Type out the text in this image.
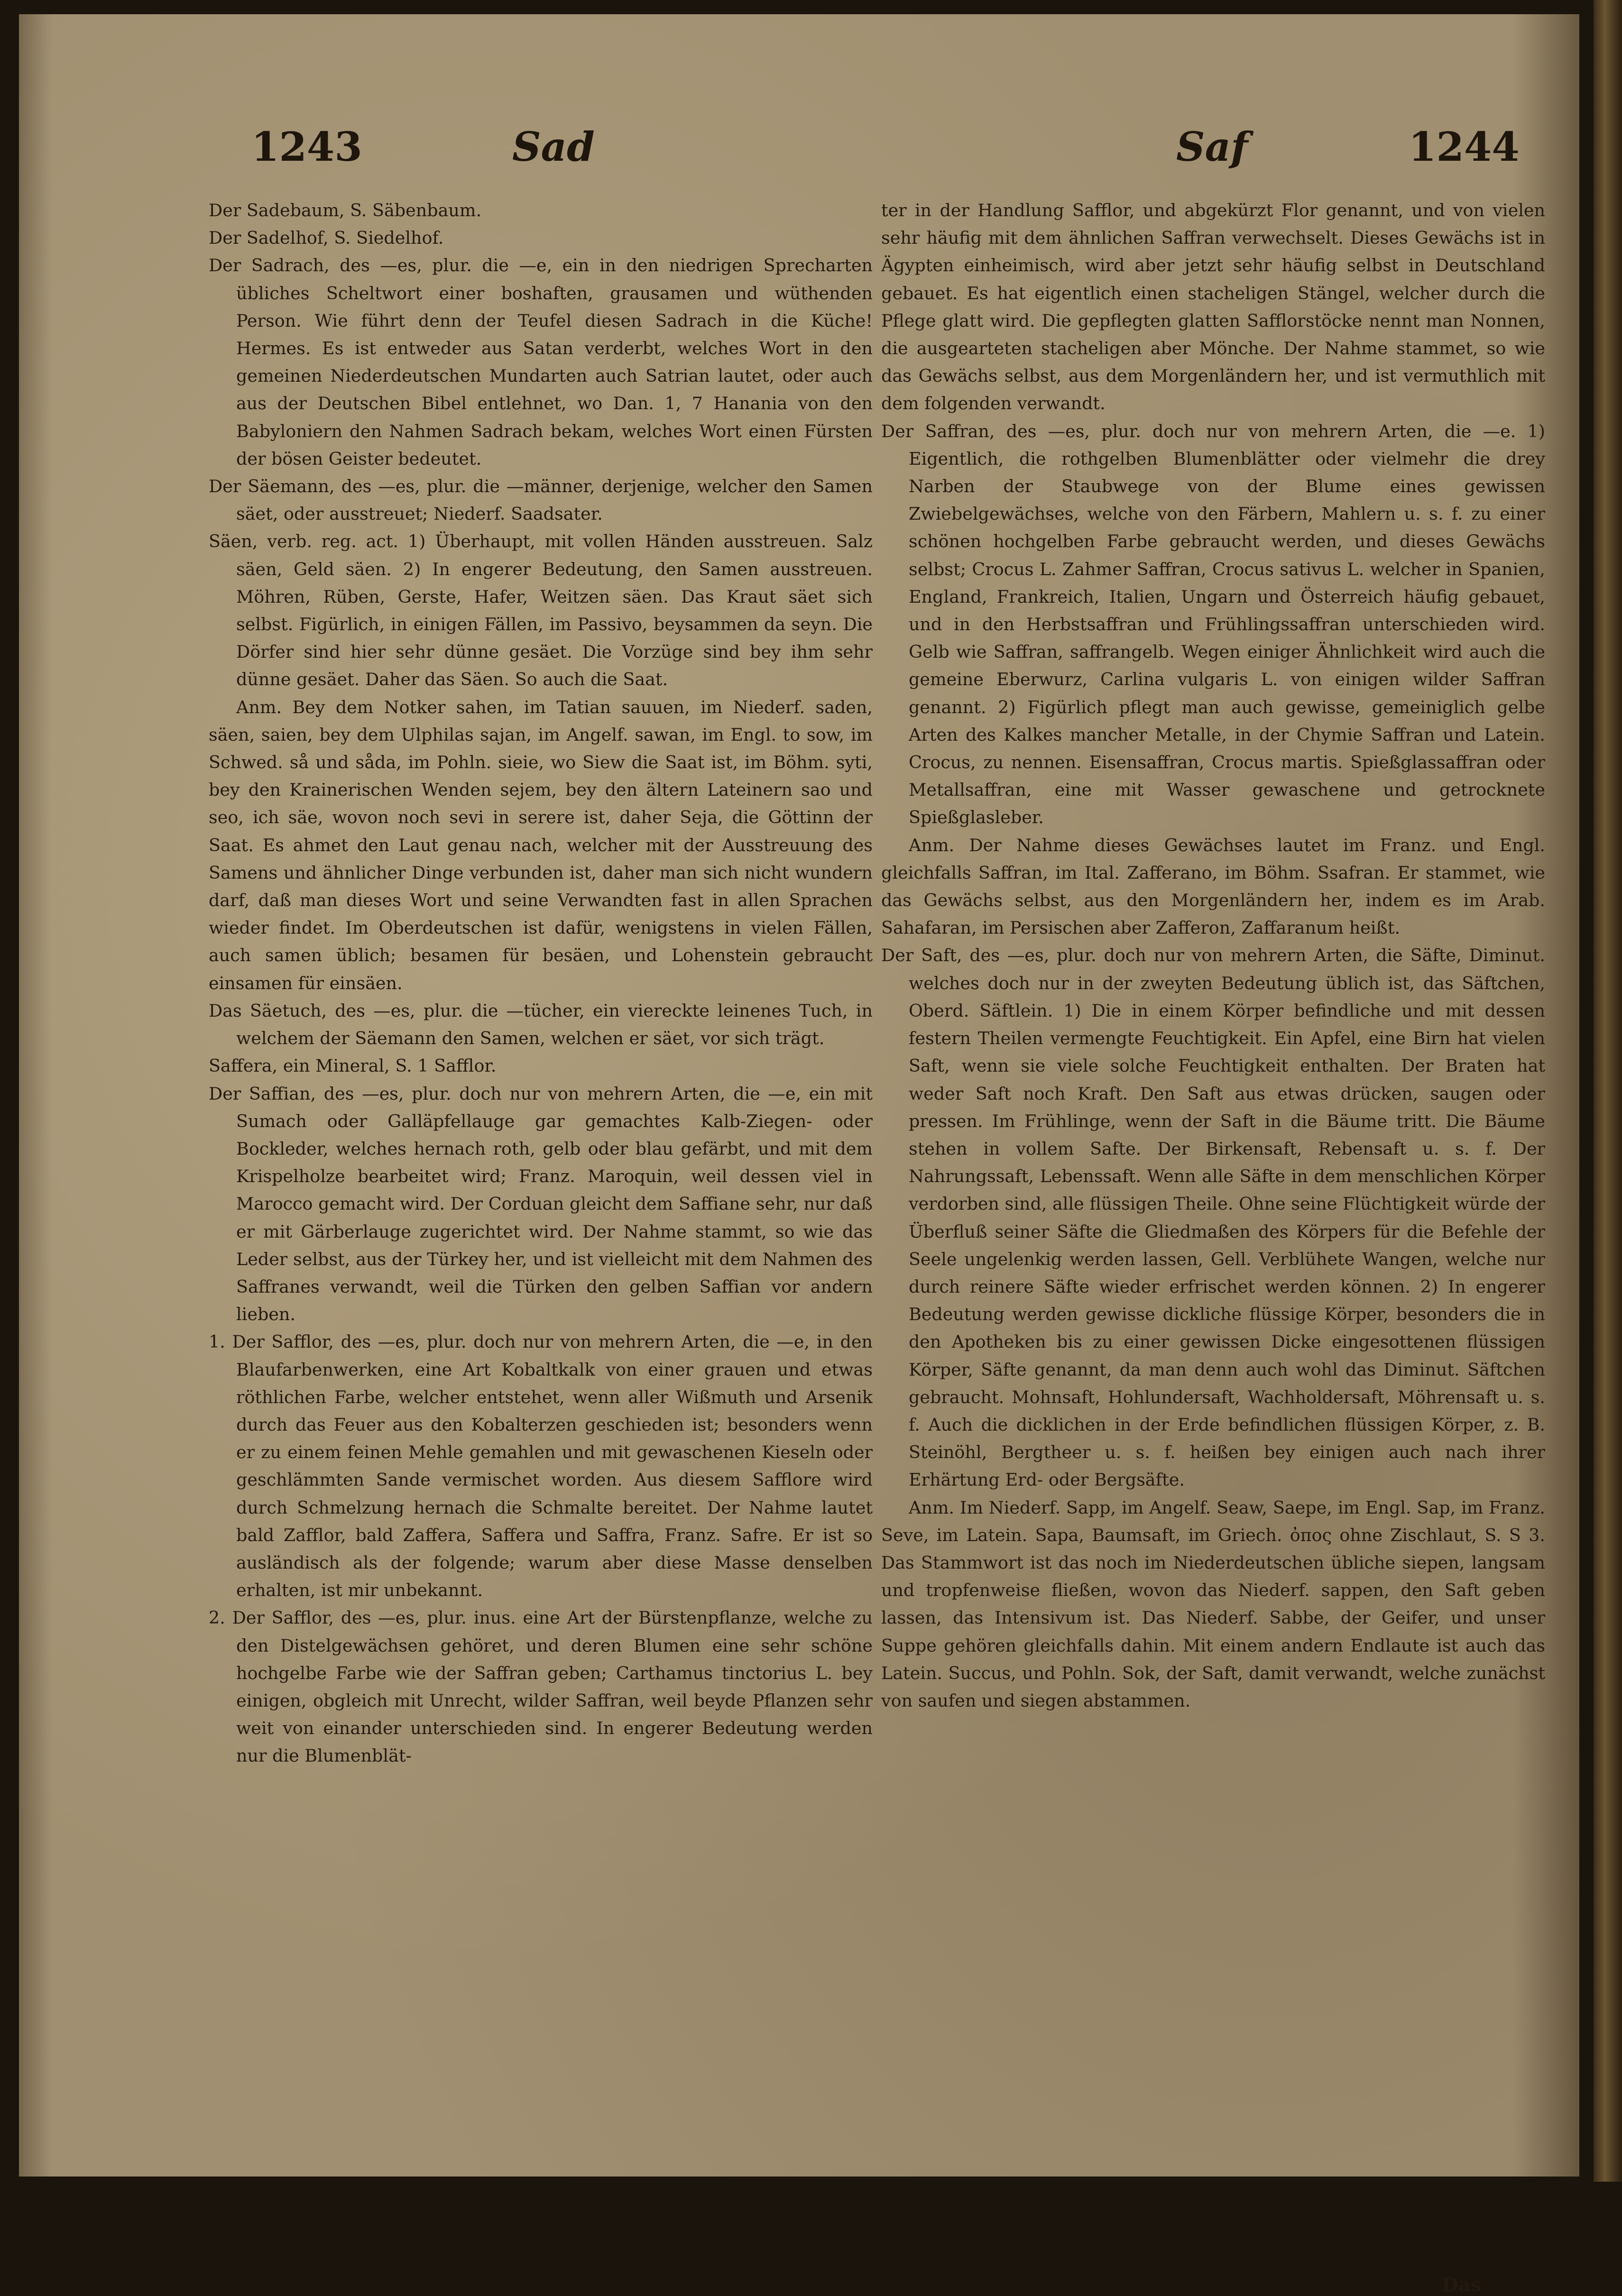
1243	Sad	Saf	1244

Der Sadebaum, S. Säbenbaum.

Der Sadelhof, S. Siedelhof.

Der Sadrach, des —es, plur. die —e, ein in den niedrigen Sprecharten übliches Scheltwort einer boshaften, grausamen und wüthenden Person. Wie führt denn der Teufel diesen Sadrach in die Küche! Hermes. Es ist entweder aus Satan verderbt, welches Wort in den gemeinen Niederdeutschen Mundarten auch Satrian lautet, oder auch aus der Deutschen Bibel entlehnet, wo Dan. 1, 7 Hanania von den Babyloniern den Nahmen Sadrach bekam, welches Wort einen Fürsten der bösen Geister bedeutet.

Der Säemann, des —es, plur. die —männer, derjenige, welcher den Samen säet, oder ausstreuet; Niederf. Saadsater.

Säen, verb. reg. act. 1) Überhaupt, mit vollen Händen ausstreuen. Salz säen, Geld säen. 2) In engerer Bedeutung, den Samen ausstreuen. Möhren, Rüben, Gerste, Hafer, Weitzen säen. Das Kraut säet sich selbst. Figürlich, in einigen Fällen, im Passivo, beysammen da seyn. Die Dörfer sind hier sehr dünne gesäet. Die Vorzüge sind bey ihm sehr dünne gesäet. Daher das Säen. So auch die Saat.

Anm. Bey dem Notker sahen, im Tatian sauuen, im Niederf. saden, säen, saien, bey dem Ulphilas sajan, im Angelf. sawan, im Engl. to sow, im Schwed. så und såda, im Pohln. sieie, wo Siew die Saat ist, im Böhm. syti, bey den Krainerischen Wenden sejem, bey den ältern Lateinern sao und seo, ich säe, wovon noch sevi in serere ist, daher Seja, die Göttinn der Saat. Es ahmet den Laut genau nach, welcher mit der Ausstreuung des Samens und ähnlicher Dinge verbunden ist, daher man sich nicht wundern darf, daß man dieses Wort und seine Verwandten fast in allen Sprachen wieder findet. Im Oberdeutschen ist dafür, wenigstens in vielen Fällen, auch samen üblich; besamen für besäen, und Lohenstein gebraucht einsamen für einsäen.

Das Säetuch, des —es, plur. die —tücher, ein viereckte leinenes Tuch, in welchem der Säemann den Samen, welchen er säet, vor sich trägt.

Saffera, ein Mineral, S. 1 Safflor.

Der Saffian, des —es, plur. doch nur von mehrern Arten, die —e, ein mit Sumach oder Galläpfellauge gar gemachtes Kalb-Ziegen- oder Bockleder, welches hernach roth, gelb oder blau gefärbt, und mit dem Krispelholze bearbeitet wird; Franz. Maroquin, weil dessen viel in Marocco gemacht wird. Der Corduan gleicht dem Saffiane sehr, nur daß er mit Gärberlauge zugerichtet wird. Der Nahme stammt, so wie das Leder selbst, aus der Türkey her, und ist vielleicht mit dem Nahmen des Saffranes verwandt, weil die Türken den gelben Saffian vor andern lieben.

1. Der Safflor, des —es, plur. doch nur von mehrern Arten, die —e, in den Blaufarbenwerken, eine Art Kobaltkalk von einer grauen und etwas röthlichen Farbe, welcher entstehet, wenn aller Wißmuth und Arsenik durch das Feuer aus den Kobalterzen geschieden ist; besonders wenn er zu einem feinen Mehle gemahlen und mit gewaschenen Kieseln oder geschlämmten Sande vermischet worden. Aus diesem Safflore wird durch Schmelzung hernach die Schmalte bereitet. Der Nahme lautet bald Zafflor, bald Zaffera, Saffera und Saffra, Franz. Safre. Er ist so ausländisch als der folgende; warum aber diese Masse denselben erhalten, ist mir unbekannt.

2. Der Safflor, des —es, plur. inus. eine Art der Bürstenpflanze, welche zu den Distelgewächsen gehöret, und deren Blumen eine sehr schöne hochgelbe Farbe wie der Saffran geben; Carthamus tinctorius L. bey einigen, obgleich mit Unrecht, wilder Saffran, weil beyde Pflanzen sehr weit von einander unterschieden sind. In engerer Bedeutung werden nur die Blumenblät-

ter in der Handlung Safflor, und abgekürzt Flor genannt, und von vielen sehr häufig mit dem ähnlichen Saffran verwechselt. Dieses Gewächs ist in Ägypten einheimisch, wird aber jetzt sehr häufig selbst in Deutschland gebauet. Es hat eigentlich einen stacheligen Stängel, welcher durch die Pflege glatt wird. Die gepflegten glatten Safflorstöcke nennt man Nonnen, die ausgearteten stacheligen aber Mönche. Der Nahme stammet, so wie das Gewächs selbst, aus dem Morgenländern her, und ist vermuthlich mit dem folgenden verwandt.

Der Saffran, des —es, plur. doch nur von mehrern Arten, die —e. 1) Eigentlich, die rothgelben Blumenblätter oder vielmehr die drey Narben der Staubwege von der Blume eines gewissen Zwiebelgewächses, welche von den Färbern, Mahlern u. s. f. zu einer schönen hochgelben Farbe gebraucht werden, und dieses Gewächs selbst; Crocus L. Zahmer Saffran, Crocus sativus L. welcher in Spanien, England, Frankreich, Italien, Ungarn und Österreich häufig gebauet, und in den Herbstsaffran und Frühlingssaffran unterschieden wird. Gelb wie Saffran, saffrangelb. Wegen einiger Ähnlichkeit wird auch die gemeine Eberwurz, Carlina vulgaris L. von einigen wilder Saffran genannt. 2) Figürlich pflegt man auch gewisse, gemeiniglich gelbe Arten des Kalkes mancher Metalle, in der Chymie Saffran und Latein. Crocus, zu nennen. Eisensaffran, Crocus martis. Spießglassaffran oder Metallsaffran, eine mit Wasser gewaschene und getrocknete Spießglasleber.

Anm. Der Nahme dieses Gewächses lautet im Franz. und Engl. gleichfalls Saffran, im Ital. Zafferano, im Böhm. Ssafran. Er stammet, wie das Gewächs selbst, aus den Morgenländern her, indem es im Arab. Sahafaran, im Persischen aber Zafferon, Zaffaranum heißt.

Der Saft, des —es, plur. doch nur von mehrern Arten, die Säfte, Diminut. welches doch nur in der zweyten Bedeutung üblich ist, das Säftchen, Oberd. Säftlein. 1) Die in einem Körper befindliche und mit dessen festern Theilen vermengte Feuchtigkeit. Ein Apfel, eine Birn hat vielen Saft, wenn sie viele solche Feuchtigkeit enthalten. Der Braten hat weder Saft noch Kraft. Den Saft aus etwas drücken, saugen oder pressen. Im Frühlinge, wenn der Saft in die Bäume tritt. Die Bäume stehen in vollem Safte. Der Birkensaft, Rebensaft u. s. f. Der Nahrungssaft, Lebenssaft. Wenn alle Säfte in dem menschlichen Körper verdorben sind, alle flüssigen Theile. Ohne seine Flüchtigkeit würde der Überfluß seiner Säfte die Gliedmaßen des Körpers für die Befehle der Seele ungelenkig werden lassen, Gell. Verblühete Wangen, welche nur durch reinere Säfte wieder erfrischet werden können. 2) In engerer Bedeutung werden gewisse dickliche flüssige Körper, besonders die in den Apotheken bis zu einer gewissen Dicke eingesottenen flüssigen Körper, Säfte genannt, da man denn auch wohl das Diminut. Säftchen gebraucht. Mohnsaft, Hohlundersaft, Wachholdersaft, Möhrensaft u. s. f. Auch die dicklichen in der Erde befindlichen flüssigen Körper, z. B. Steinöhl, Bergtheer u. s. f. heißen bey einigen auch nach ihrer Erhärtung Erd- oder Bergsäfte.

Anm. Im Niederf. Sapp, im Angelf. Seaw, Saepe, im Engl. Sap, im Franz. Seve, im Latein. Sapa, Baumsaft, im Griech. ὀπος ohne Zischlaut, S. S 3. Das Stammwort ist das noch im Niederdeutschen übliche siepen, langsam und tropfenweise fließen, wovon das Niederf. sappen, den Saft geben lassen, das Intensivum ist. Das Niederf. Sabbe, der Geifer, und unser Suppe gehören gleichfalls dahin. Mit einem andern Endlaute ist auch das Latein. Succus, und Pohln. Sok, der Saft, damit verwandt, welche zunächst von saufen und siegen abstammen.

Das
